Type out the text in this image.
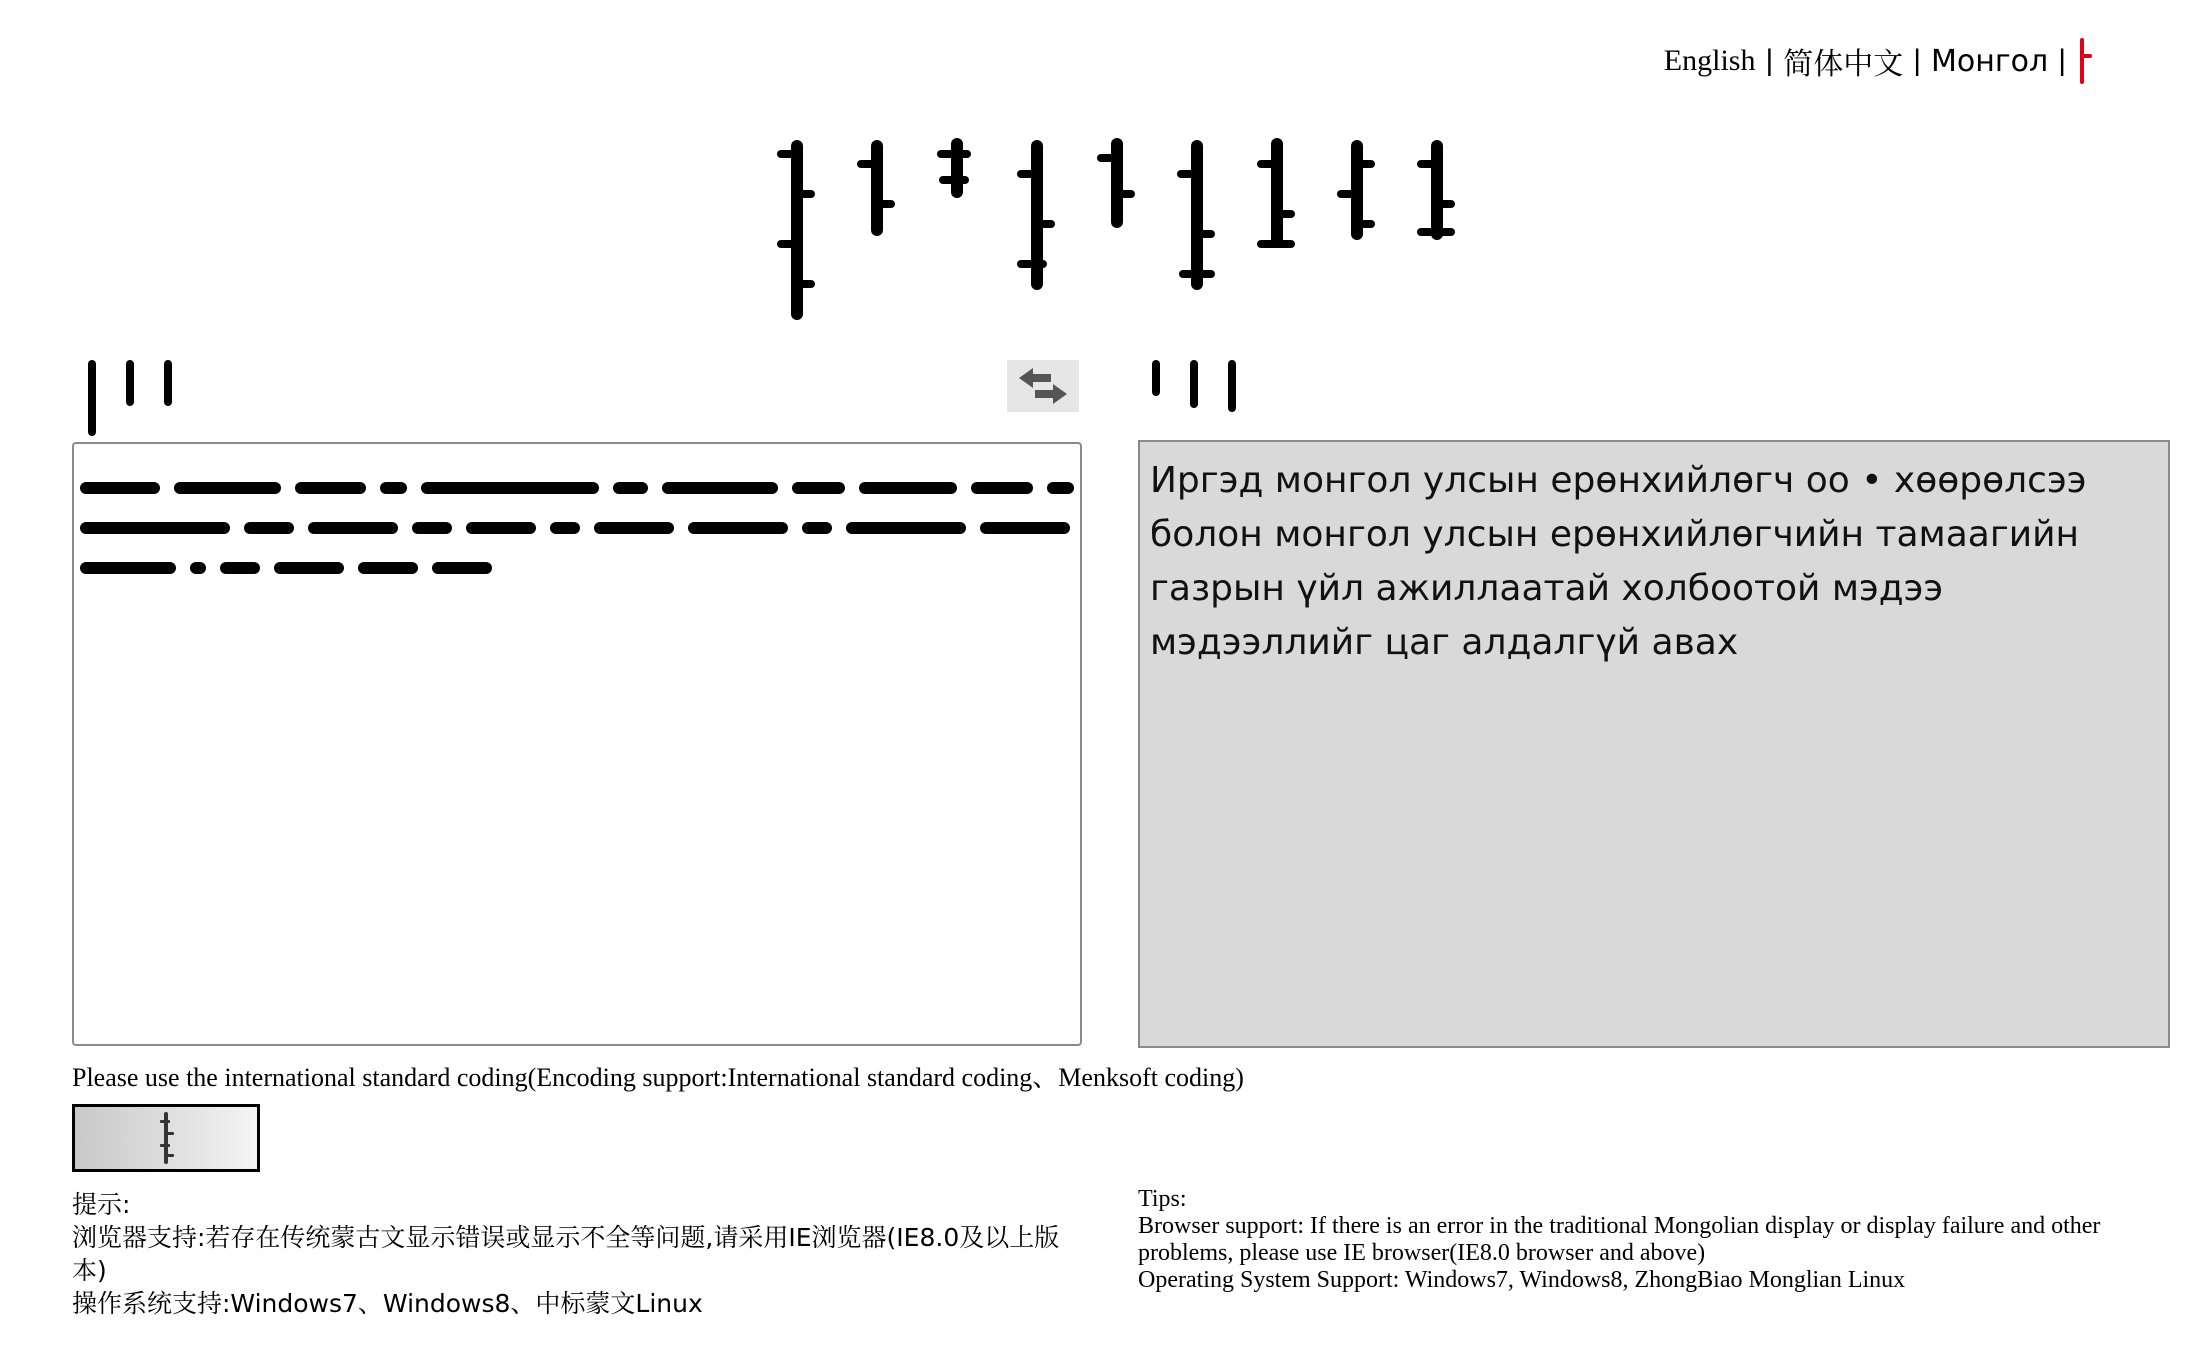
English | 简体中文 | Монгол |
Иргэд монгол улсын ерөнхийлөгч оо • хөөрөлсээ болон монгол улсын ерөнхийлөгчийн тамаагийн газрын үйл ажиллаатай холбоотой мэдээ мэдээллийг цаг алдалгүй авах
Please use the international standard coding(Encoding support:International standard coding、Menksoft coding)
提示:
浏览器支持:若存在传统蒙古文显示错误或显示不全等问题,请采用IE浏览器(IE8.0及以上版本)
操作系统支持:Windows7、Windows8、中标蒙文Linux
Tips:
Browser support: If there is an error in the traditional Mongolian display or display failure and other problems, please use IE browser(IE8.0 browser and above)
Operating System Support: Windows7, Windows8, ZhongBiao Monglian Linux
